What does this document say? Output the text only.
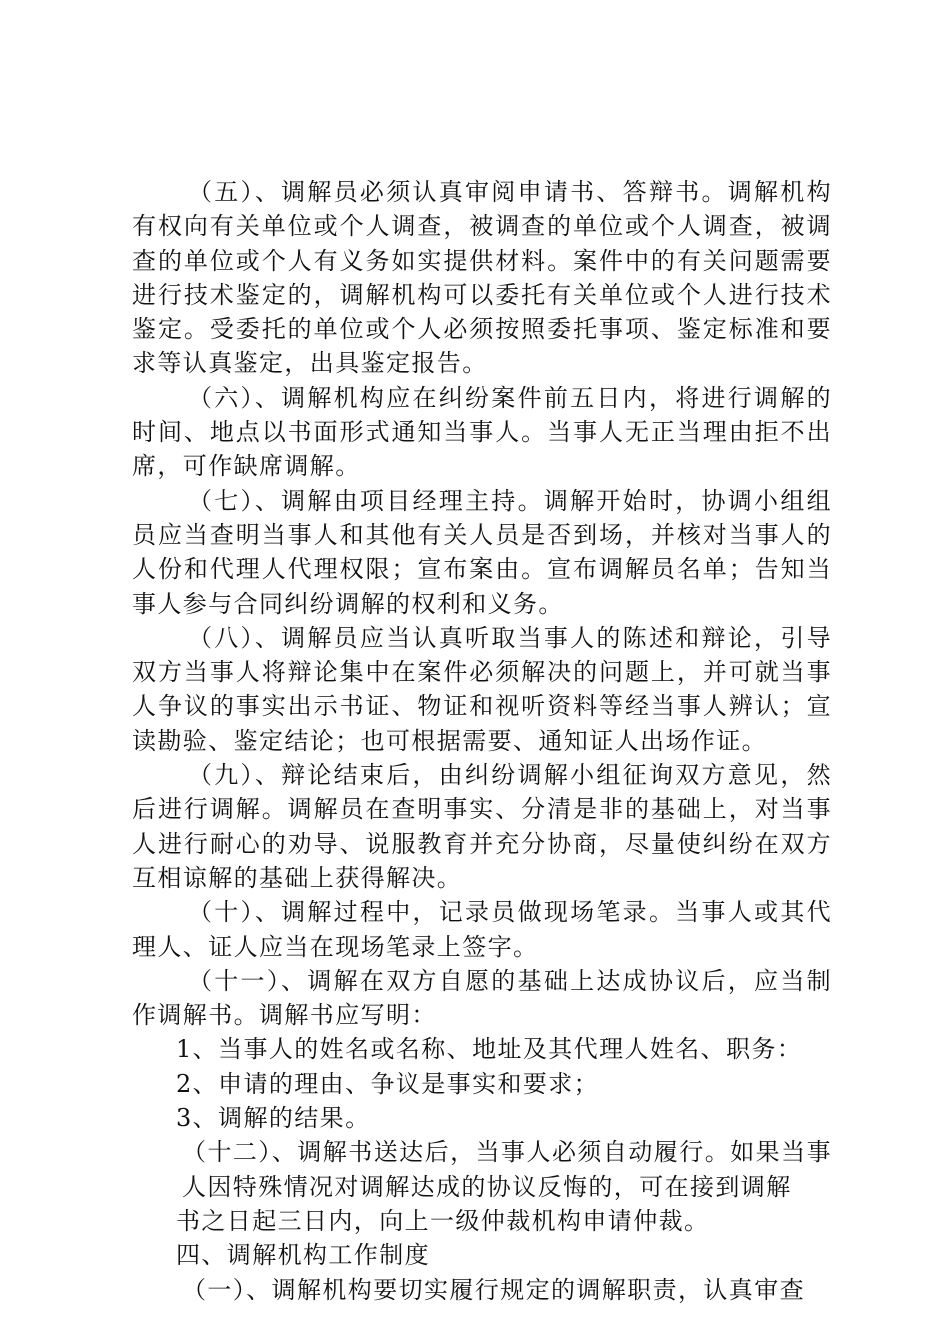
（五）、调解员必须认真审阅申请书、答辩书。调解机构有权向有关单位或个人调查，被调查的单位或个人调查，被调查的单位或个人有义务如实提供材料。案件中的有关问题需要进行技术鉴定的，调解机构可以委托有关单位或个人进行技术鉴定。受委托的单位或个人必须按照委托事项、鉴定标准和要求等认真鉴定，出具鉴定报告。

（六）、调解机构应在纠纷案件前五日内，将进行调解的时间、地点以书面形式通知当事人。当事人无正当理由拒不出席，可作缺席调解。

（七）、调解由项目经理主持。调解开始时，协调小组组员应当查明当事人和其他有关人员是否到场，并核对当事人的人份和代理人代理权限；宣布案由。宣布调解员名单；告知当事人参与合同纠纷调解的权利和义务。

（八）、调解员应当认真听取当事人的陈述和辩论，引导双方当事人将辩论集中在案件必须解决的问题上，并可就当事人争议的事实出示书证、物证和视听资料等经当事人辨认；宣读勘验、鉴定结论；也可根据需要、通知证人出场作证。

（九）、辩论结束后，由纠纷调解小组征询双方意见，然后进行调解。调解员在查明事实、分清是非的基础上，对当事人进行耐心的劝导、说服教育并充分协商，尽量使纠纷在双方互相谅解的基础上获得解决。

（十）、调解过程中，记录员做现场笔录。当事人或其代理人、证人应当在现场笔录上签字。

（十一）、调解在双方自愿的基础上达成协议后，应当制作调解书。调解书应写明：

1、当事人的姓名或名称、地址及其代理人姓名、职务：

2、申请的理由、争议是事实和要求；

3、调解的结果。

（十二）、调解书送达后，当事人必须自动履行。如果当事人因特殊情况对调解达成的协议反悔的，可在接到调解

书之日起三日内，向上一级仲裁机构申请仲裁。

四、调解机构工作制度

（一）、调解机构要切实履行规定的调解职责，认真审查
